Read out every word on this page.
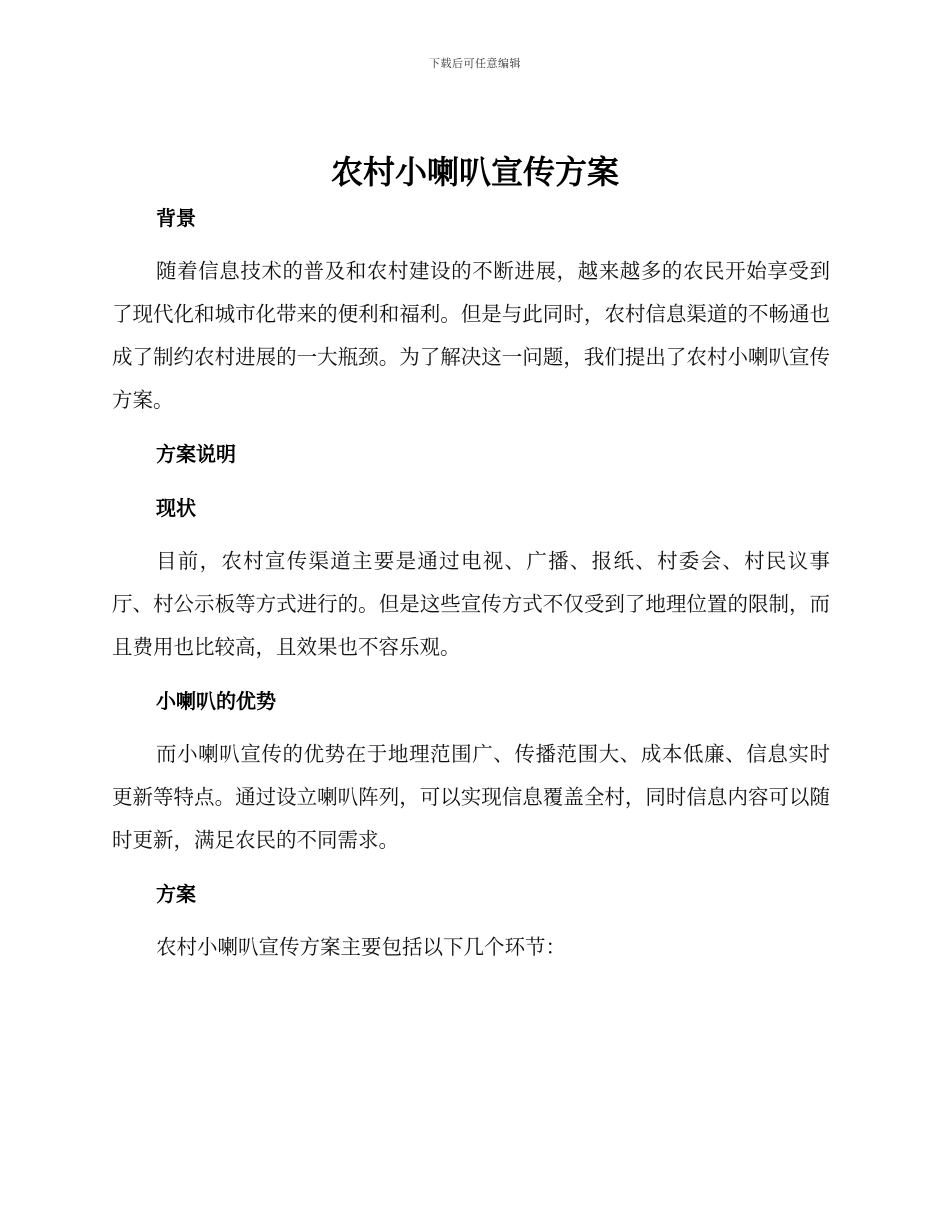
下载后可任意编辑
农村小喇叭宣传方案
背景

随着信息技术的普及和农村建设的不断进展，越来越多的农民开始享受到了现代化和城市化带来的便利和福利。但是与此同时，农村信息渠道的不畅通也成了制约农村进展的一大瓶颈。为了解决这一问题，我们提出了农村小喇叭宣传方案。

方案说明
现状

目前，农村宣传渠道主要是通过电视、广播、报纸、村委会、村民议事厅、村公示板等方式进行的。但是这些宣传方式不仅受到了地理位置的限制，而且费用也比较高，且效果也不容乐观。

小喇叭的优势

而小喇叭宣传的优势在于地理范围广、传播范围大、成本低廉、信息实时更新等特点。通过设立喇叭阵列，可以实现信息覆盖全村，同时信息内容可以随时更新，满足农民的不同需求。

方案

农村小喇叭宣传方案主要包括以下几个环节：
